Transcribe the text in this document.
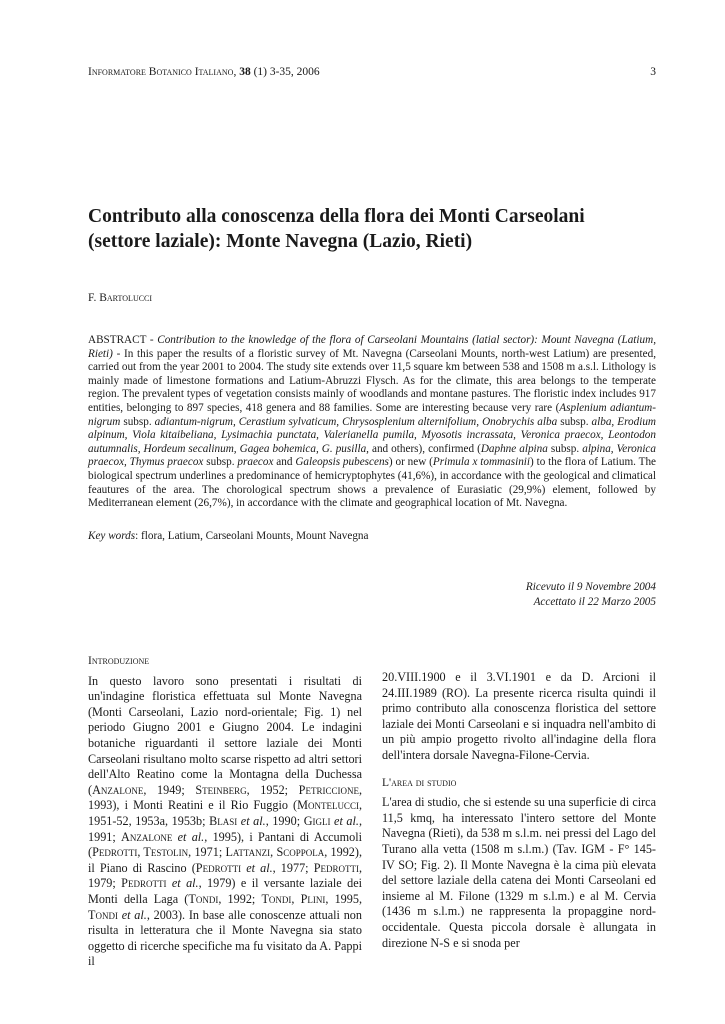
Informatore Botanico Italiano, 38 (1) 3-35, 2006	3
Contributo alla conoscenza della flora dei Monti Carseolani
(settore laziale): Monte Navegna (Lazio, Rieti)
F. Bartolucci
ABSTRACT - Contribution to the knowledge of the flora of Carseolani Mountains (latial sector): Mount Navegna (Latium, Rieti) - In this paper the results of a floristic survey of Mt. Navegna (Carseolani Mounts, north-west Latium) are presented, carried out from the year 2001 to 2004. The study site extends over 11,5 square km between 538 and 1508 m a.s.l. Lithology is mainly made of limestone formations and Latium-Abruzzi Flysch. As for the climate, this area belongs to the temperate region. The prevalent types of vegetation consists mainly of woodlands and montane pastures. The floristic index includes 917 entities, belonging to 897 species, 418 genera and 88 families. Some are interesting because very rare (Asplenium adiantum-nigrum subsp. adiantum-nigrum, Cerastium sylvaticum, Chrysosplenium alternifolium, Onobrychis alba subsp. alba, Erodium alpinum, Viola kitaibeliana, Lysimachia punctata, Valerianella pumila, Myosotis incrassata, Veronica praecox, Leontodon autumnalis, Hordeum secalinum, Gagea bohemica, G. pusilla, and others), confirmed (Daphne alpina subsp. alpina, Veronica praecox, Thymus praecox subsp. praecox and Galeopsis pubescens) or new (Primula x tommasinii) to the flora of Latium. The biological spectrum underlines a predominance of hemicryptophytes (41,6%), in accordance with the geological and climatical feautures of the area. The chorological spectrum shows a prevalence of Eurasiatic (29,9%) element, followed by Mediterranean element (26,7%), in accordance with the climate and geographical location of Mt. Navegna.
Key words: flora, Latium, Carseolani Mounts, Mount Navegna
Ricevuto il 9 Novembre 2004
Accettato il 22 Marzo 2005
Introduzione

In questo lavoro sono presentati i risultati di un'indagine floristica effettuata sul Monte Navegna (Monti Carseolani, Lazio nord-orientale; Fig. 1) nel periodo Giugno 2001 e Giugno 2004. Le indagini botaniche riguardanti il settore laziale dei Monti Carseolani risultano molto scarse rispetto ad altri settori dell'Alto Reatino come la Montagna della Duchessa (Anzalone, 1949; Steinberg, 1952; Petriccione, 1993), i Monti Reatini e il Rio Fuggio (Montelucci, 1951-52, 1953a, 1953b; Blasi et al., 1990; Gigli et al., 1991; Anzalone et al., 1995), i Pantani di Accumoli (Pedrotti, Testolin, 1971; Lattanzi, Scoppola, 1992), il Piano di Rascino (Pedrotti et al., 1977; Pedrotti, 1979; Pedrotti et al., 1979) e il versante laziale dei Monti della Laga (Tondi, 1992; Tondi, Plini, 1995, Tondi et al., 2003). In base alle conoscenze attuali non risulta in letteratura che il Monte Navegna sia stato oggetto di ricerche specifiche ma fu visitato da A. Pappi il

20.VIII.1900 e il 3.VI.1901 e da D. Arcioni il 24.III.1989 (RO). La presente ricerca risulta quindi il primo contributo alla conoscenza floristica del settore laziale dei Monti Carseolani e si inquadra nell'ambito di un più ampio progetto rivolto all'indagine della flora dell'intera dorsale Navegna-Filone-Cervia.

L'area di studio

L'area di studio, che si estende su una superficie di circa 11,5 kmq, ha interessato l'intero settore del Monte Navegna (Rieti), da 538 m s.l.m. nei pressi del Lago del Turano alla vetta (1508 m s.l.m.) (Tav. IGM - F° 145-IV SO; Fig. 2). Il Monte Navegna è la cima più elevata del settore laziale della catena dei Monti Carseolani ed insieme al M. Filone (1329 m s.l.m.) e al M. Cervia (1436 m s.l.m.) ne rappresenta la propaggine nord-occidentale. Questa piccola dorsale è allungata in direzione N-S e si snoda per
